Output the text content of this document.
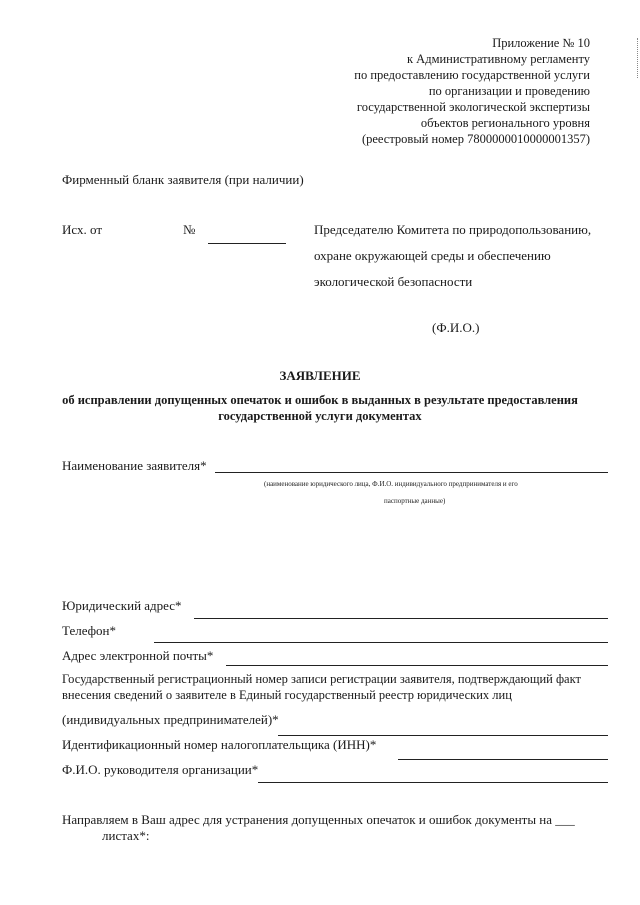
Приложение № 10
к Административному регламенту
по предоставлению государственной услуги
по организации и проведению
государственной экологической экспертизы
объектов регионального уровня
(реестровый номер 7800000010000001357)
Фирменный бланк заявителя (при наличии)
Исх. от	№	Председателю Комитета по природопользованию,
охране окружающей среды и обеспечению
экологической безопасности
(Ф.И.О.)
ЗАЯВЛЕНИЕ
об исправлении допущенных опечаток и ошибок в выданных в результате предоставления
государственной услуги документах
Наименование заявителя*
(наименование юридического лица, Ф.И.О. индивидуального предпринимателя и его
паспортные данные)
Юридический адрес*
Телефон*
Адрес электронной почты*
Государственный регистрационный номер записи регистрации заявителя, подтверждающий факт
внесения сведений о заявителе в Единый государственный реестр юридических лиц
(индивидуальных предпринимателей)*
Идентификационный номер налогоплательщика (ИНН)*
Ф.И.О. руководителя организации*
Направляем в Ваш адрес для устранения допущенных опечаток и ошибок документы на ___
листах*:
